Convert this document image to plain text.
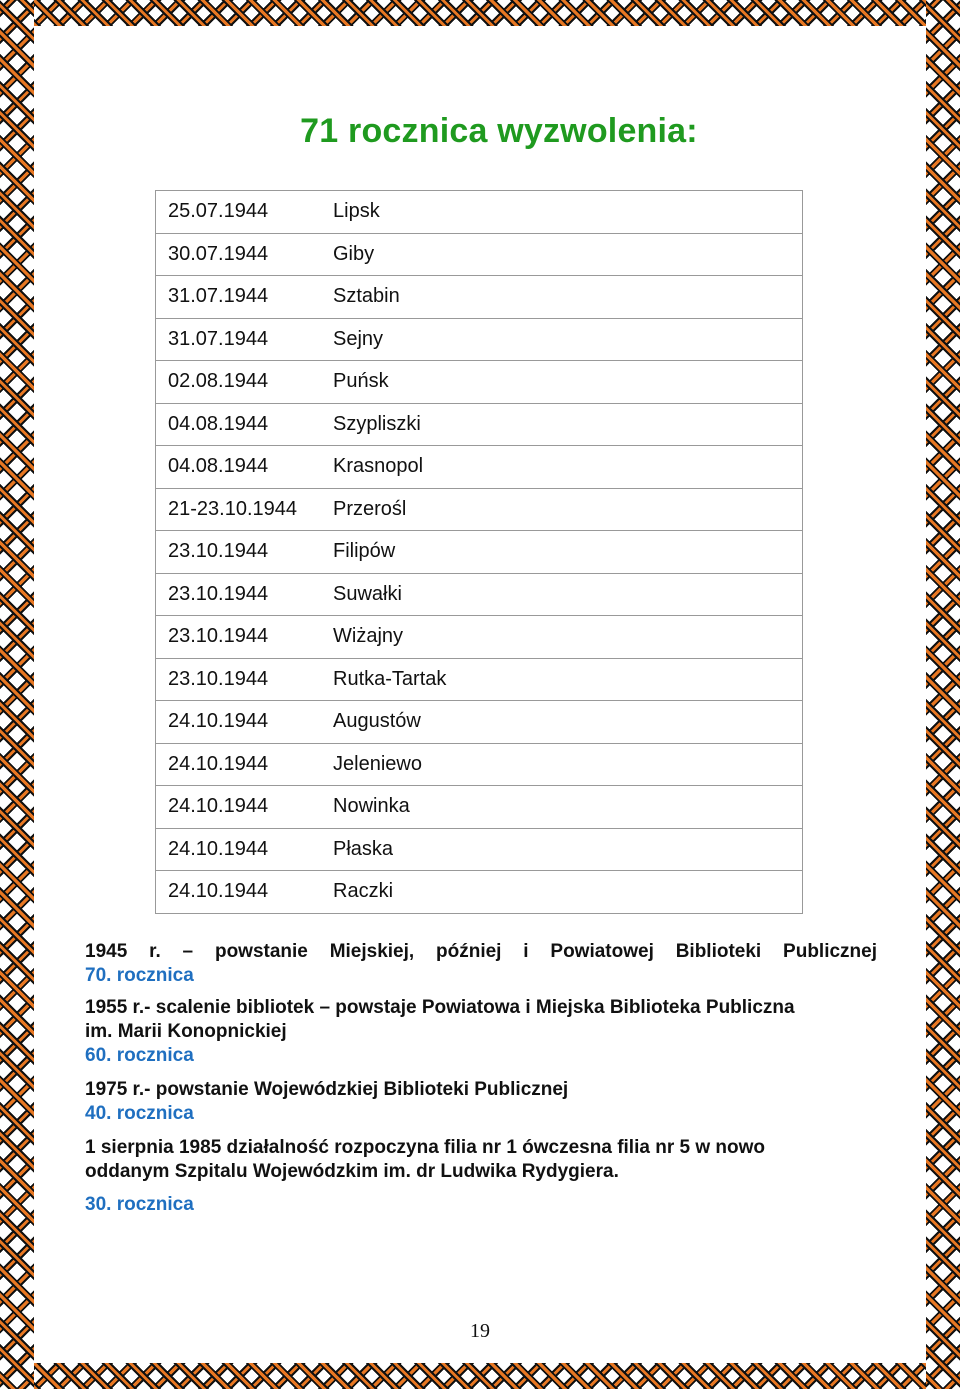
71 rocznica wyzwolenia:
25.07.1944	Lipsk
30.07.1944	Giby
31.07.1944	Sztabin
31.07.1944	Sejny
02.08.1944	Puńsk
04.08.1944	Szypliszki
04.08.1944	Krasnopol
21-23.10.1944	Przerośl
23.10.1944	Filipów
23.10.1944	Suwałki
23.10.1944	Wiżajny
23.10.1944	Rutka-Tartak
24.10.1944	Augustów
24.10.1944	Jeleniewo
24.10.1944	Nowinka
24.10.1944	Płaska
24.10.1944	Raczki
1945 r. – powstanie Miejskiej, później i Powiatowej Biblioteki Publicznej
70. rocznica
1955 r.- scalenie bibliotek – powstaje Powiatowa i Miejska Biblioteka Publiczna
im. Marii Konopnickiej
60. rocznica
1975 r.- powstanie Wojewódzkiej Biblioteki Publicznej
40. rocznica
1 sierpnia 1985 działalność rozpoczyna filia nr 1 ówczesna filia nr 5 w nowo
oddanym Szpitalu Wojewódzkim im. dr Ludwika Rydygiera.
30. rocznica
19
